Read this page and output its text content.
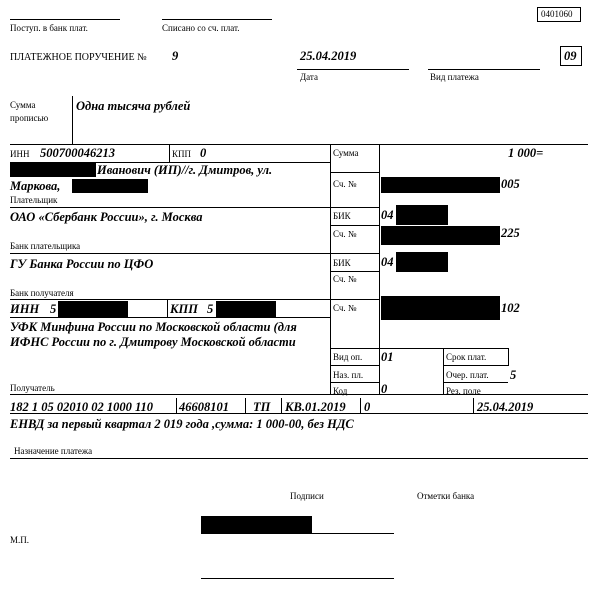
0401060
Поступ. в банк плат.	Списано со сч. плат.
ПЛАТЕЖНОЕ ПОРУЧЕНИЕ № 9	25.04.2019
Дата	Вид платежа
09
Сумма
прописью
Одна тысяча рублей
ИНН 500700046213	КПП 0	Сумма	1 000=
Иванович (ИП)//г. Дмитров, ул.
Маркова,
Плательщик
Сч. №	005
ОАО «Сбербанк России», г. Москва	БИК 04
Сч. №	225
Банк плательщика
ГУ Банка России по ЦФО	БИК 04
Сч. №
Банк получателя
ИНН 5	КПП 5	Сч. №	102
УФК Минфина России по Московской области (для
ИФНС России по г. Дмитрову Московской области
Получатель
Вид оп. 01
Наз. пл.
Код	0
Срок плат.
Очер. плат. 5
Рез. поле
182 1 05 02010 02 1000 110 46608101 ТП КВ.01.2019 0	25.04.2019
ЕНВД за первый квартал 2 019 года ,сумма: 1 000-00, без НДС
Назначение платежа
Подписи	Отметки банка
М.П.
